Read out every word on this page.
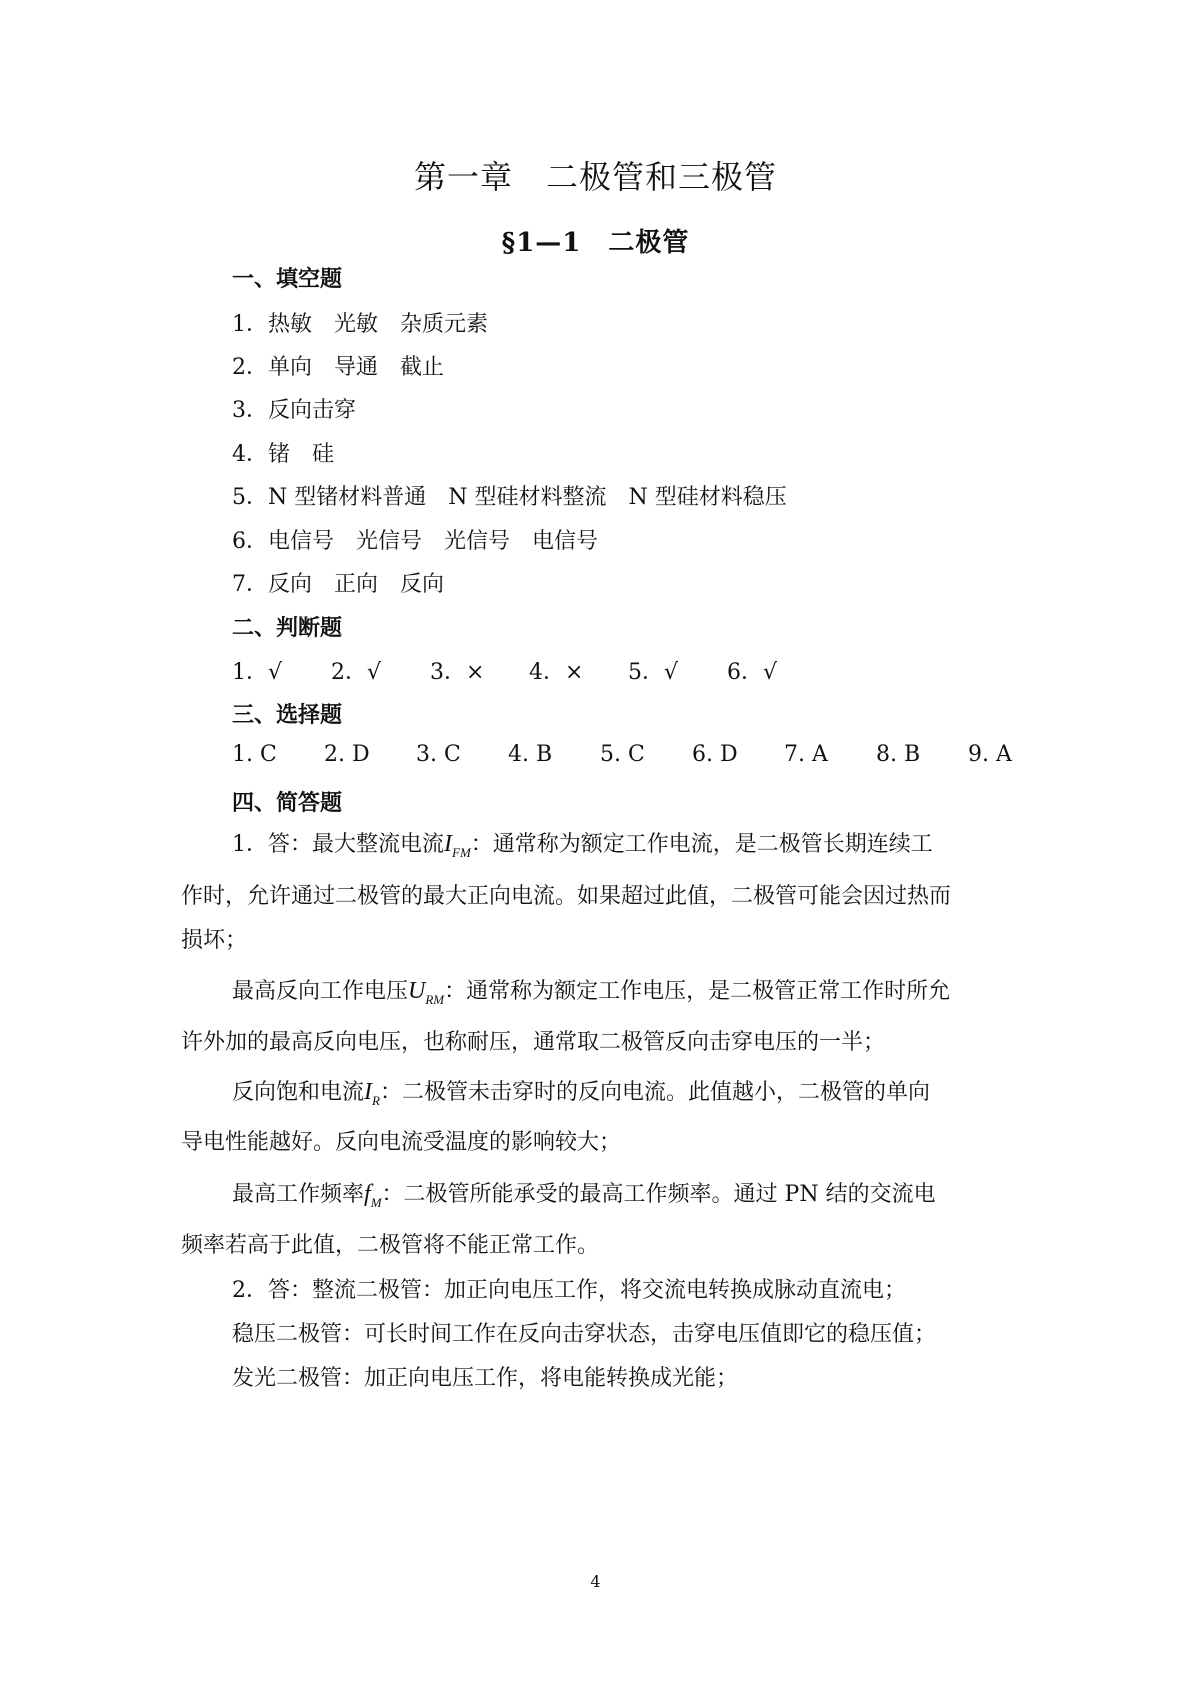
第一章　二极管和三极管
§1—1　二极管
一、填空题
1．热敏 光敏 杂质元素
2．单向 导通 截止
3．反向击穿
4．锗 硅
5．N 型锗材料普通 N 型硅材料整流 N 型硅材料稳压
6．电信号 光信号 光信号 电信号
7．反向 正向 反向
二、判断题
1．√ 2．√ 3．× 4．× 5．√ 6．√
三、选择题
1. C 2. D 3. C 4. B 5. C 6. D 7. A 8. B 9. A
四、简答题
1．答：最大整流电流$I_{FM}$：通常称为额定工作电流，是二极管长期连续工
作时，允许通过二极管的最大正向电流。如果超过此值，二极管可能会因过热而
损坏；
最高反向工作电压$U_{RM}$：通常称为额定工作电压，是二极管正常工作时所允
许外加的最高反向电压，也称耐压，通常取二极管反向击穿电压的一半；
反向饱和电流$I_R$：二极管未击穿时的反向电流。此值越小，二极管的单向
导电性能越好。反向电流受温度的影响较大；
最高工作频率$f_M$：二极管所能承受的最高工作频率。通过 PN 结的交流电
频率若高于此值，二极管将不能正常工作。
2．答：整流二极管：加正向电压工作，将交流电转换成脉动直流电；
稳压二极管：可长时间工作在反向击穿状态，击穿电压值即它的稳压值；
发光二极管：加正向电压工作，将电能转换成光能；
4
